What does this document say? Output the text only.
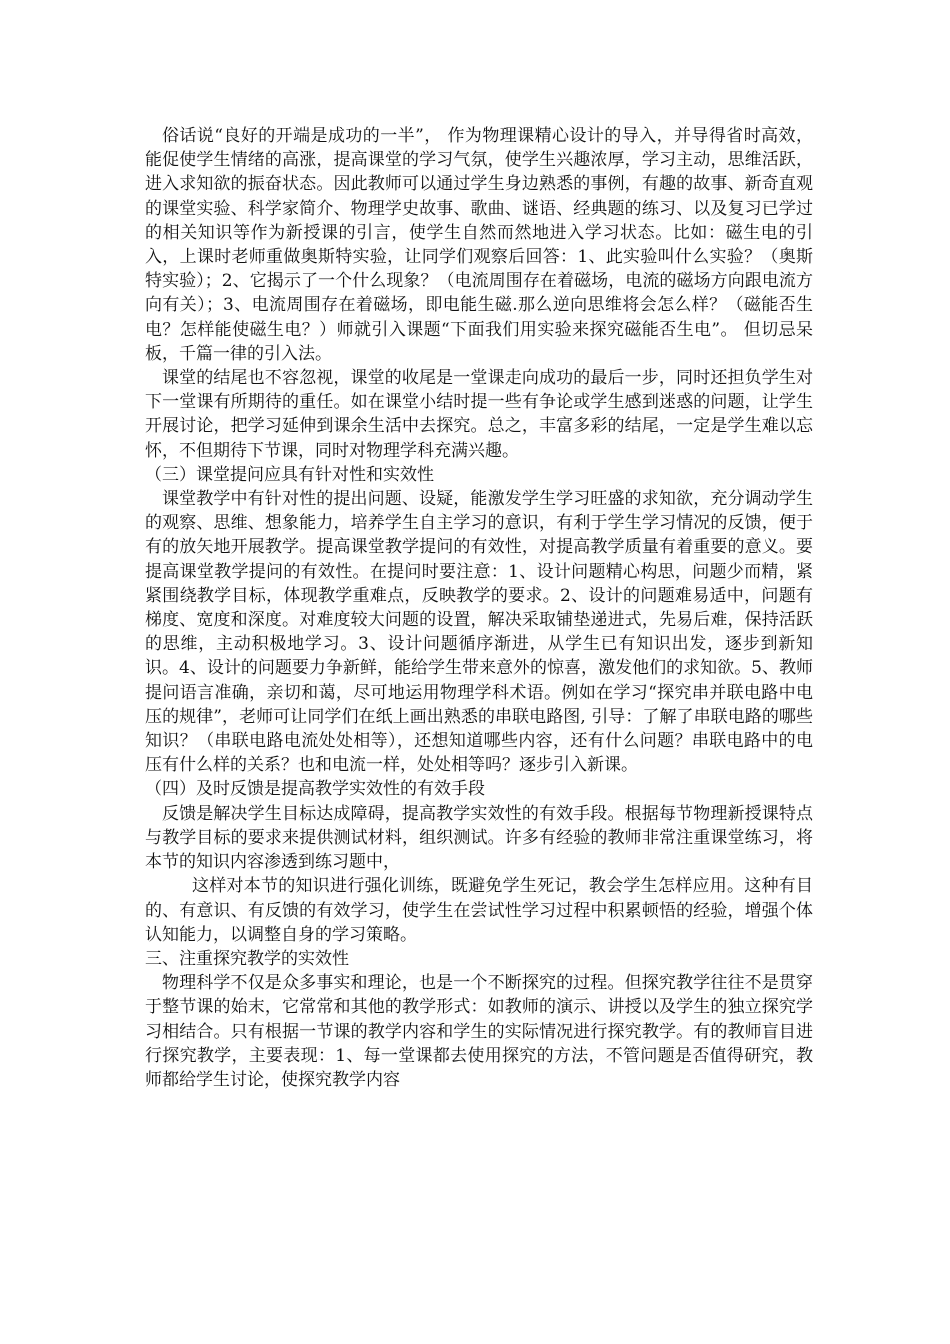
俗话说“良好的开端是成功的一半”， 作为物理课精心设计的导入，并导得省时高效，能促使学生情绪的高涨，提高课堂的学习气氛，使学生兴趣浓厚，学习主动，思维活跃，进入求知欲的振奋状态。因此教师可以通过学生身边熟悉的事例，有趣的故事、新奇直观的课堂实验、科学家简介、物理学史故事、歌曲、谜语、经典题的练习、以及复习已学过的相关知识等作为新授课的引言，使学生自然而然地进入学习状态。比如：磁生电的引入，上课时老师重做奥斯特实验，让同学们观察后回答：1、此实验叫什么实验？（奥斯特实验）；2、它揭示了一个什么现象？（电流周围存在着磁场，电流的磁场方向跟电流方向有关）；3、电流周围存在着磁场，即电能生磁.那么逆向思维将会怎么样？（磁能否生电？怎样能使磁生电？）师就引入课题“下面我们用实验来探究磁能否生电”。 但切忌呆板，千篇一律的引入法。

课堂的结尾也不容忽视，课堂的收尾是一堂课走向成功的最后一步，同时还担负学生对下一堂课有所期待的重任。如在课堂小结时提一些有争论或学生感到迷惑的问题，让学生开展讨论，把学习延伸到课余生活中去探究。总之，丰富多彩的结尾，一定是学生难以忘怀，不但期待下节课，同时对物理学科充满兴趣。

（三）课堂提问应具有针对性和实效性

课堂教学中有针对性的提出问题、设疑，能激发学生学习旺盛的求知欲，充分调动学生的观察、思维、想象能力，培养学生自主学习的意识，有利于学生学习情况的反馈，便于有的放矢地开展教学。提高课堂教学提问的有效性，对提高教学质量有着重要的意义。要提高课堂教学提问的有效性。在提问时要注意：1、设计问题精心构思，问题少而精，紧紧围绕教学目标，体现教学重难点，反映教学的要求。2、设计的问题难易适中，问题有梯度、宽度和深度。对难度较大问题的设置，解决采取铺垫递进式，先易后难，保持活跃的思维，主动积极地学习。3、设计问题循序渐进，从学生已有知识出发，逐步到新知识。4、设计的问题要力争新鲜，能给学生带来意外的惊喜，激发他们的求知欲。5、教师提问语言准确，亲切和蔼，尽可地运用物理学科术语。例如在学习“探究串并联电路中电压的规律”，老师可让同学们在纸上画出熟悉的串联电路图, 引导：了解了串联电路的哪些知识？（串联电路电流处处相等），还想知道哪些内容，还有什么问题？串联电路中的电压有什么样的关系？也和电流一样，处处相等吗？逐步引入新课。

（四）及时反馈是提高教学实效性的有效手段

反馈是解决学生目标达成障碍，提高教学实效性的有效手段。根据每节物理新授课特点与教学目标的要求来提供测试材料，组织测试。许多有经验的教师非常注重课堂练习，将本节的知识内容渗透到练习题中，

这样对本节的知识进行强化训练，既避免学生死记，教会学生怎样应用。这种有目的、有意识、有反馈的有效学习，使学生在尝试性学习过程中积累顿悟的经验，增强个体认知能力，以调整自身的学习策略。

三、注重探究教学的实效性

物理科学不仅是众多事实和理论，也是一个不断探究的过程。但探究教学往往不是贯穿于整节课的始末，它常常和其他的教学形式：如教师的演示、讲授以及学生的独立探究学习相结合。只有根据一节课的教学内容和学生的实际情况进行探究教学。有的教师盲目进行探究教学，主要表现：1、每一堂课都去使用探究的方法，不管问题是否值得研究，教师都给学生讨论，使探究教学内容
